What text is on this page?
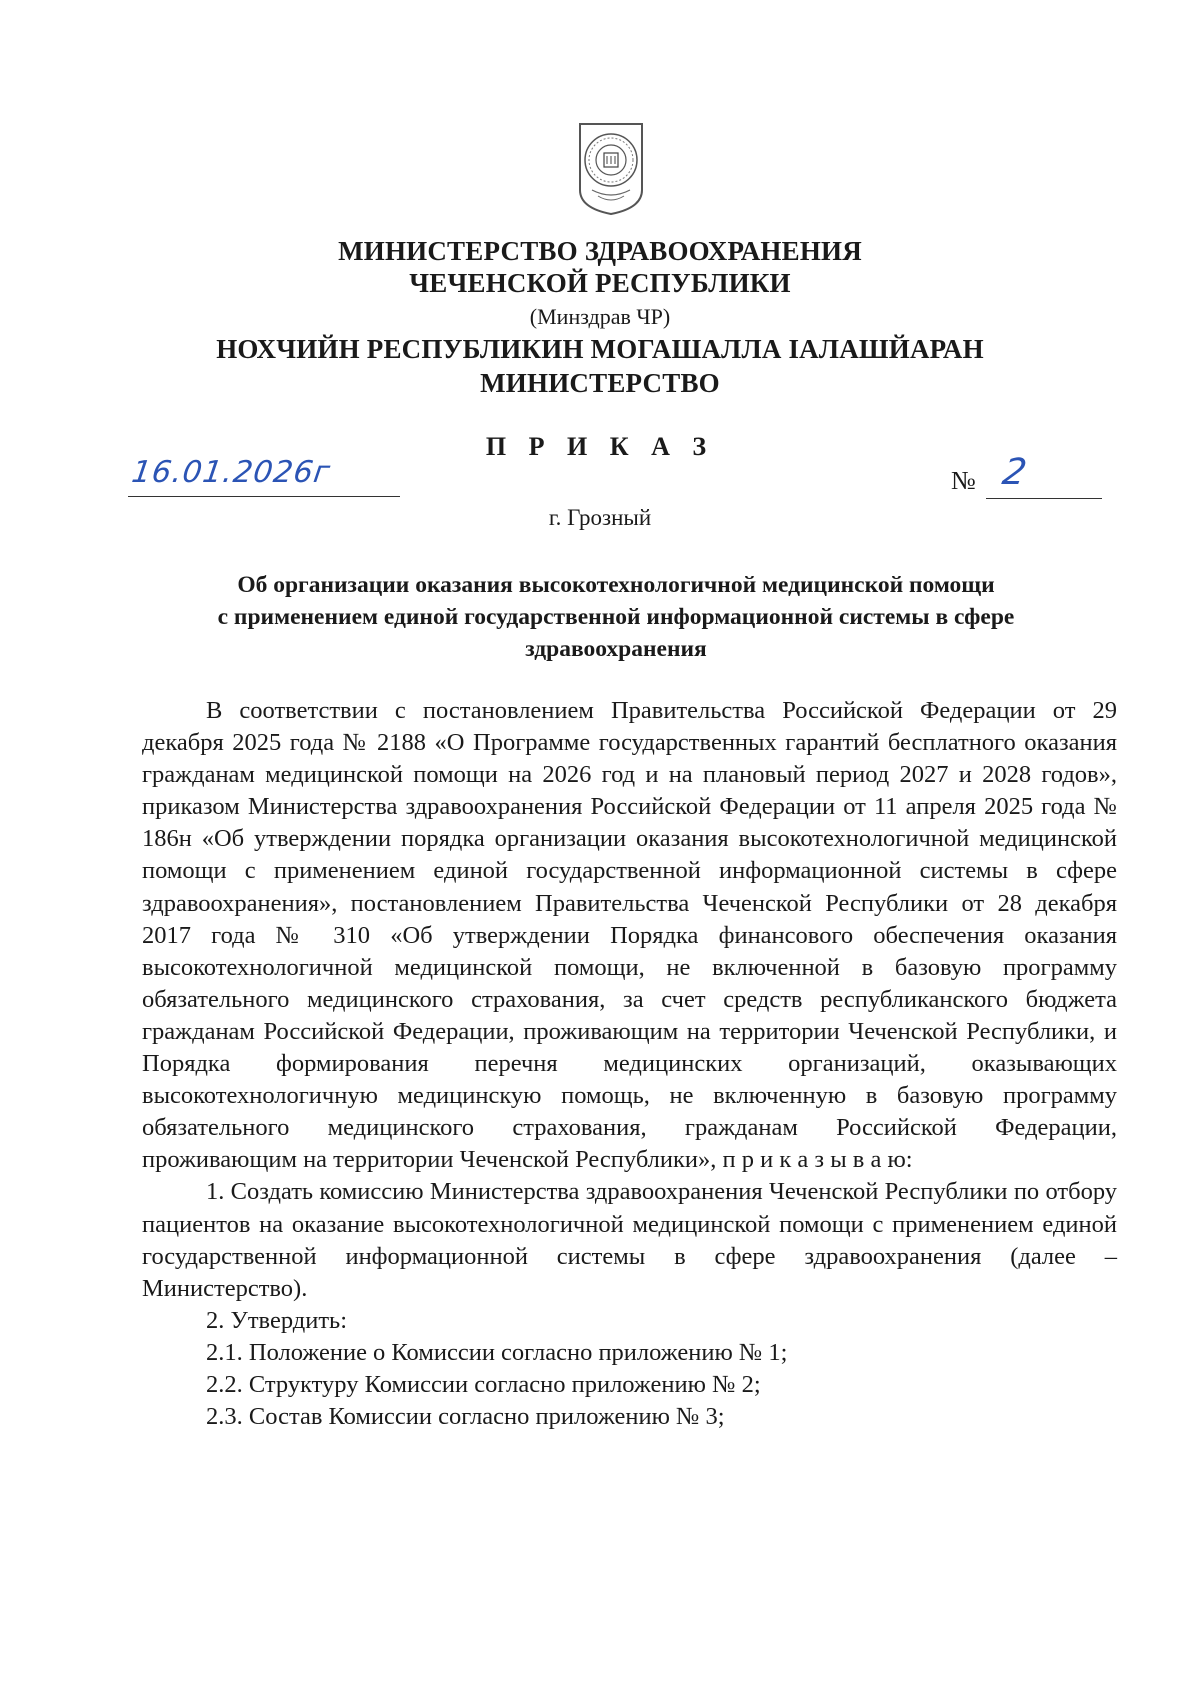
МИНИСТЕРСТВО ЗДРАВООХРАНЕНИЯ
ЧЕЧЕНСКОЙ РЕСПУБЛИКИ
(Минздрав ЧР)
НОХЧИЙН РЕСПУБЛИКИН МОГАШАЛЛА ІАЛАШЙАРАН
МИНИСТЕРСТВО
П Р И К А З
16.01.2026г	№ 2
г. Грозный
Об организации оказания высокотехнологичной медицинской помощи
с применением единой государственной информационной системы в сфере
здравоохранения

В соответствии с постановлением Правительства Российской Федерации от 29 декабря 2025 года № 2188 «О Программе государственных гарантий бесплатного оказания гражданам медицинской помощи на 2026 год и на плановый период 2027 и 2028 годов», приказом Министерства здравоохранения Российской Федерации от 11 апреля 2025 года № 186н «Об утверждении порядка организации оказания высокотехнологичной медицинской помощи с применением единой государственной информационной системы в сфере здравоохранения», постановлением Правительства Чеченской Республики от 28 декабря 2017 года № 310 «Об утверждении Порядка финансового обеспечения оказания высокотехнологичной медицинской помощи, не включенной в базовую программу обязательного медицинского страхования, за счет средств республиканского бюджета гражданам Российской Федерации, проживающим на территории Чеченской Республики, и Порядка формирования перечня медицинских организаций, оказывающих высокотехнологичную медицинскую помощь, не включенную в базовую программу обязательного медицинского страхования, гражданам Российской Федерации, проживающим на территории Чеченской Республики», п р и к а з ы в а ю:

1. Создать комиссию Министерства здравоохранения Чеченской Республики по отбору пациентов на оказание высокотехнологичной медицинской помощи с применением единой государственной информационной системы в сфере здравоохранения (далее – Министерство).

2. Утвердить:

2.1. Положение о Комиссии согласно приложению № 1;

2.2. Структуру Комиссии согласно приложению № 2;

2.3. Состав Комиссии согласно приложению № 3;
